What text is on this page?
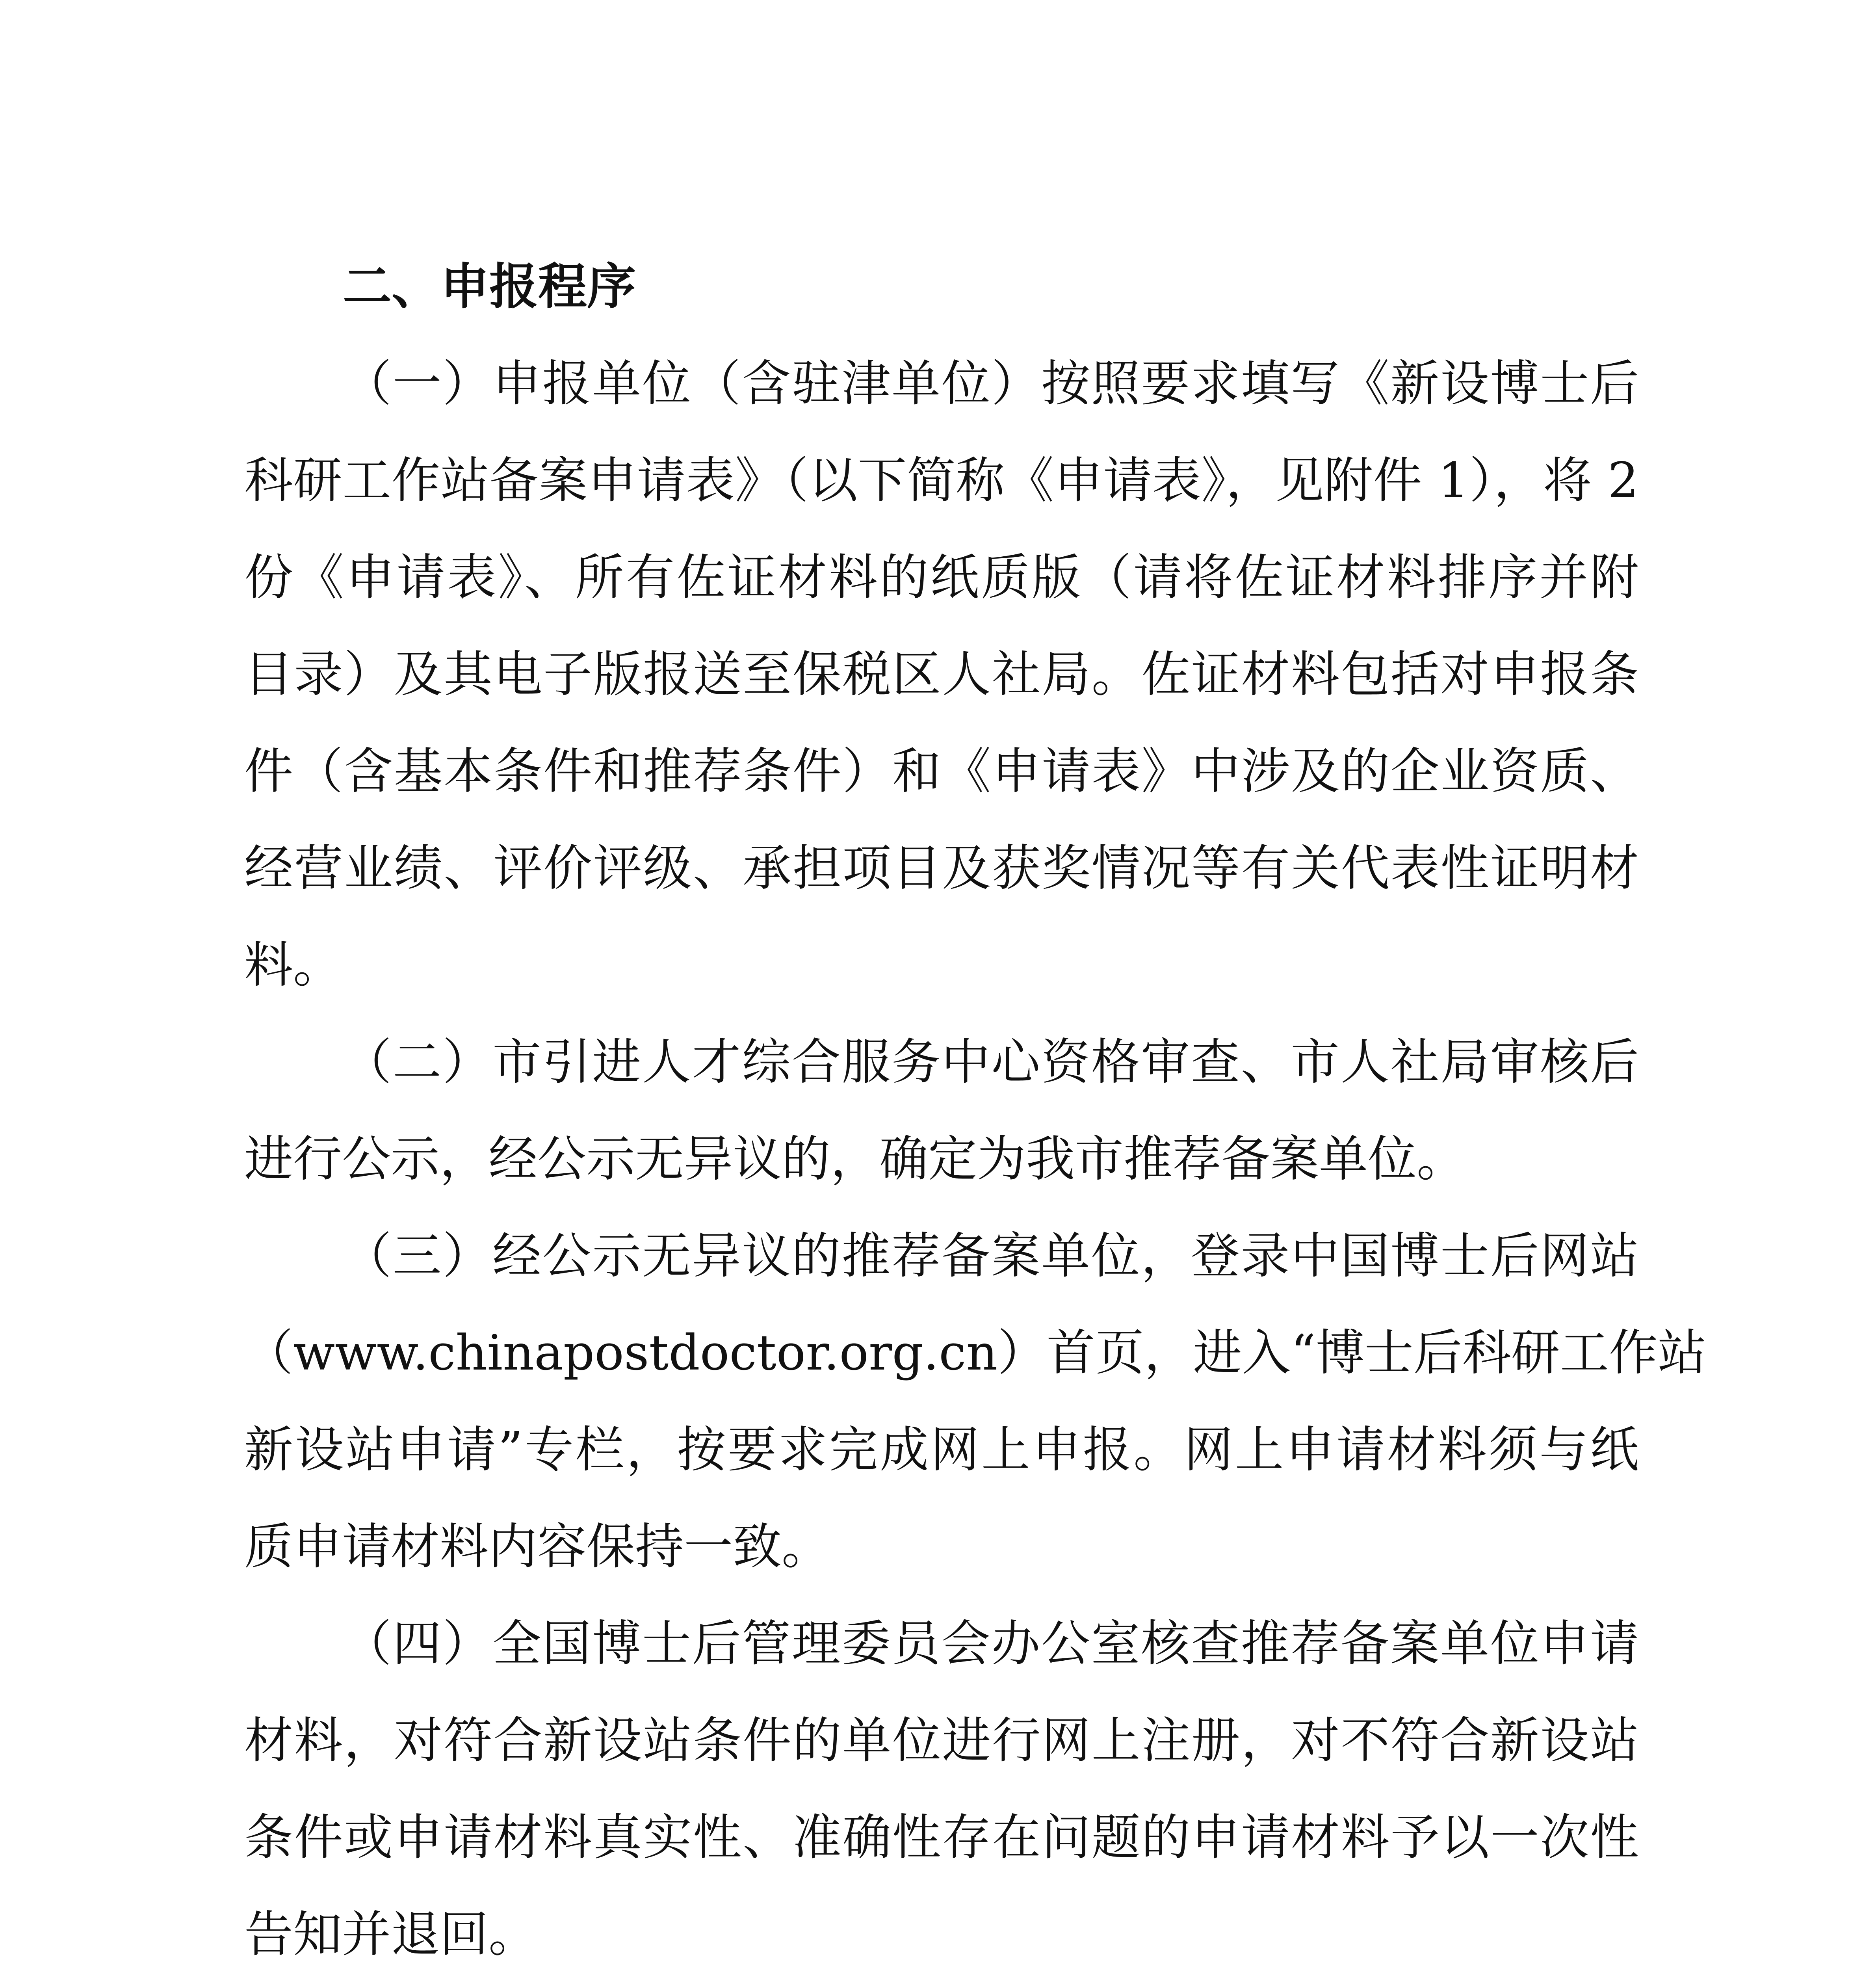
二、申报程序
（一）申报单位（含驻津单位）按照要求填写《新设博士后
科研工作站备案申请表》（以下简称《申请表》，见附件 1），将 2
份《申请表》、所有佐证材料的纸质版（请将佐证材料排序并附
目录）及其电子版报送至保税区人社局。佐证材料包括对申报条
件（含基本条件和推荐条件）和《申请表》中涉及的企业资质、
经营业绩、评价评级、承担项目及获奖情况等有关代表性证明材
料。
（二）市引进人才综合服务中心资格审查、市人社局审核后
进行公示，经公示无异议的，确定为我市推荐备案单位。
（三）经公示无异议的推荐备案单位，登录中国博士后网站
（www.chinapostdoctor.org.cn）首页，进入“博士后科研工作站
新设站申请”专栏，按要求完成网上申报。网上申请材料须与纸
质申请材料内容保持一致。
（四）全国博士后管理委员会办公室核查推荐备案单位申请
材料，对符合新设站条件的单位进行网上注册，对不符合新设站
条件或申请材料真实性、准确性存在问题的申请材料予以一次性
告知并退回。
